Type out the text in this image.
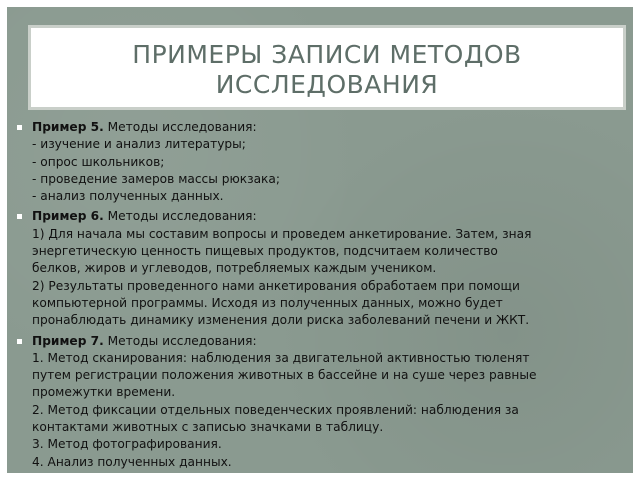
ПРИМЕРЫ ЗАПИСИ МЕТОДОВ
ИССЛЕДОВАНИЯ
Пример 5. Методы исследования:
- изучение и анализ литературы;
- опрос школьников;
- проведение замеров массы рюкзака;
- анализ полученных данных.
Пример 6. Методы исследования:
1) Для начала мы составим вопросы и проведем анкетирование. Затем, зная
энергетическую ценность пищевых продуктов, подсчитаем количество
белков, жиров и углеводов, потребляемых каждым учеником.
2) Результаты проведенного нами анкетирования обработаем при помощи
компьютерной программы. Исходя из полученных данных, можно будет
пронаблюдать динамику изменения доли риска заболеваний печени и ЖКТ.
Пример 7. Методы исследования:
1. Метод сканирования: наблюдения за двигательной активностью тюленят
путем регистрации положения животных в бассейне и на суше через равные
промежутки времени.
2. Метод фиксации отдельных поведенческих проявлений: наблюдения за
контактами животных с записью значками в таблицу.
3. Метод фотографирования.
4. Анализ полученных данных.
